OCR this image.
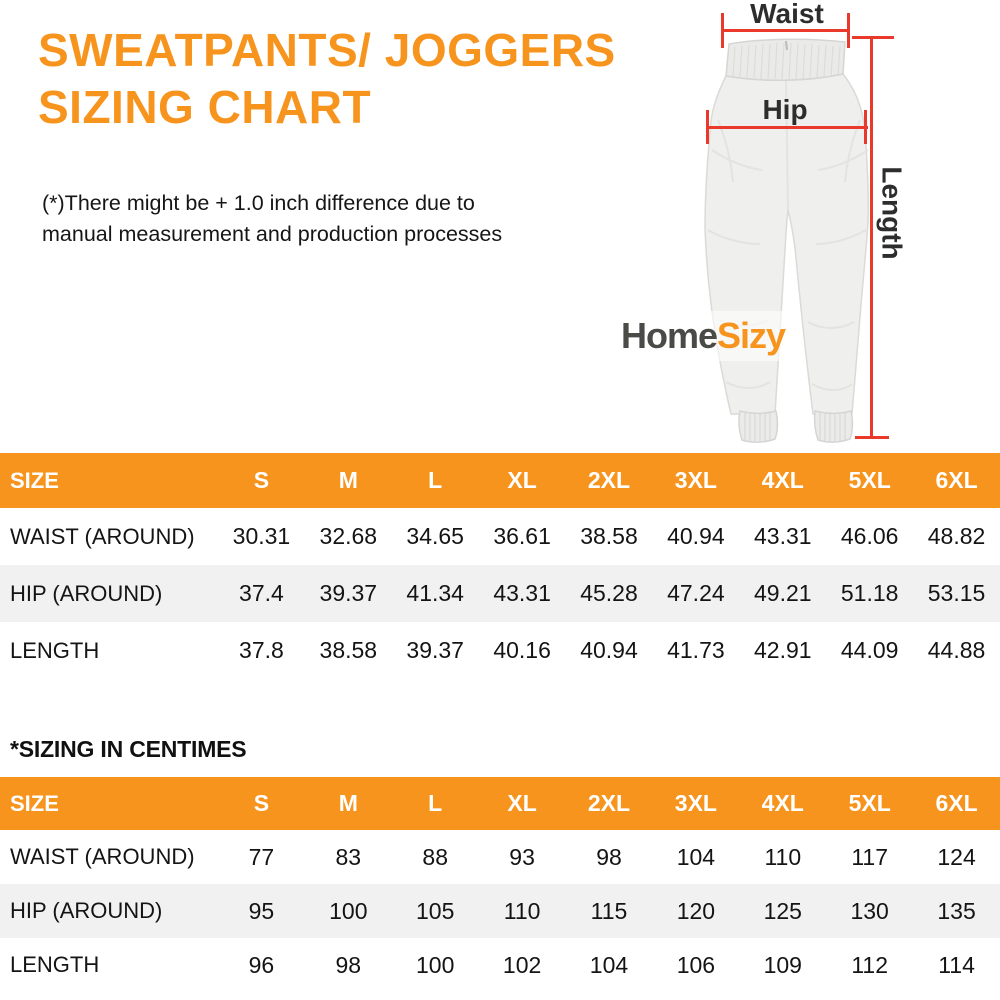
SWEATPANTS/ JOGGERS
SIZING CHART

(*)There might be + 1.0 inch difference due to
manual measurement and production processes

Waist
Hip
Length
HomeSizy
SIZE	S	M	L	XL	2XL	3XL	4XL	5XL	6XL
WAIST (AROUND)	30.31	32.68	34.65	36.61	38.58	40.94	43.31	46.06	48.82
HIP (AROUND)	37.4	39.37	41.34	43.31	45.28	47.24	49.21	51.18	53.15
LENGTH	37.8	38.58	39.37	40.16	40.94	41.73	42.91	44.09	44.88
*SIZING IN CENTIMES
SIZE	S	M	L	XL	2XL	3XL	4XL	5XL	6XL
WAIST (AROUND)	77	83	88	93	98	104	110	117	124
HIP (AROUND)	95	100	105	110	115	120	125	130	135
LENGTH	96	98	100	102	104	106	109	112	114
